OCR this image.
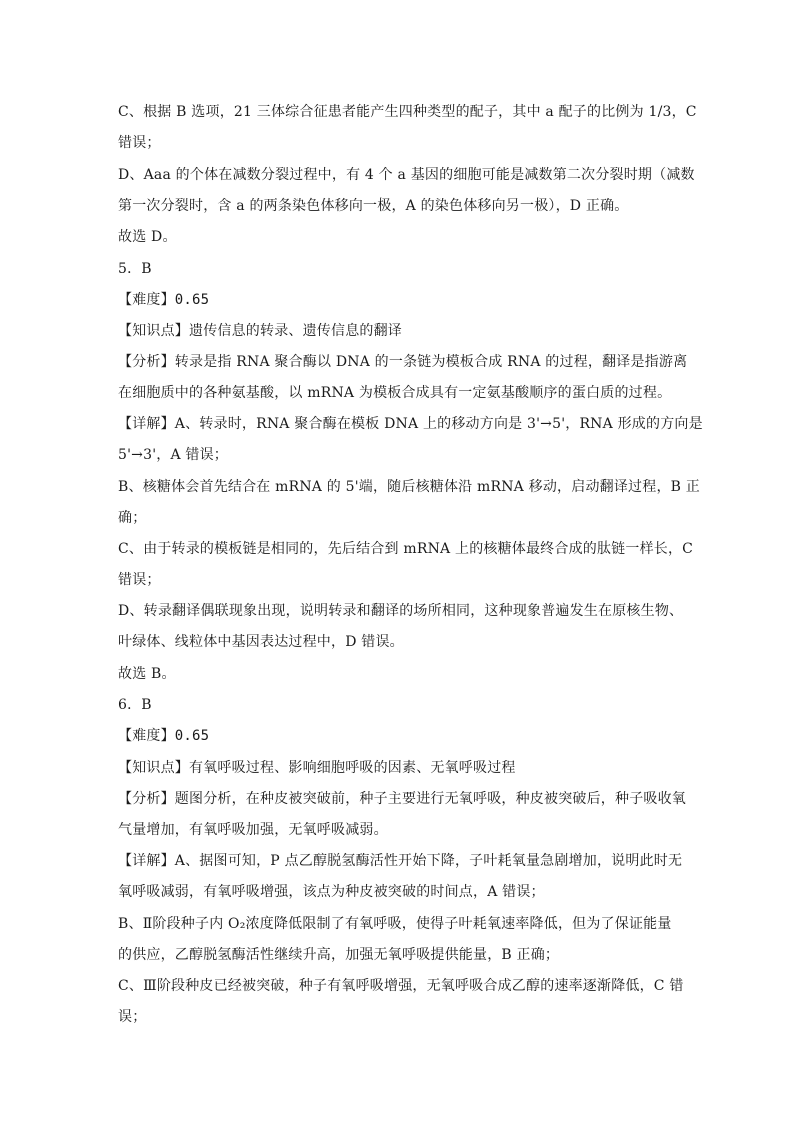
C、根据 B 选项，21 三体综合征患者能产生四种类型的配子，其中 a 配子的比例为 1/3，C
错误；
D、Aaa 的个体在减数分裂过程中，有 4 个 a 基因的细胞可能是减数第二次分裂时期（减数
第一次分裂时，含 a 的两条染色体移向一极，A 的染色体移向另一极），D 正确。
故选 D。
5．B
【难度】0.65
【知识点】遗传信息的转录、遗传信息的翻译
【分析】转录是指 RNA 聚合酶以 DNA 的一条链为模板合成 RNA 的过程，翻译是指游离
在细胞质中的各种氨基酸，以 mRNA 为模板合成具有一定氨基酸顺序的蛋白质的过程。
【详解】A、转录时，RNA 聚合酶在模板 DNA 上的移动方向是 3'→5'，RNA 形成的方向是
5'→3'，A 错误；
B、核糖体会首先结合在 mRNA 的 5'端，随后核糖体沿 mRNA 移动，启动翻译过程，B 正
确；
C、由于转录的模板链是相同的，先后结合到 mRNA 上的核糖体最终合成的肽链一样长，C
错误；
D、转录翻译偶联现象出现，说明转录和翻译的场所相同，这种现象普遍发生在原核生物、
叶绿体、线粒体中基因表达过程中，D 错误。
故选 B。
6．B
【难度】0.65
【知识点】有氧呼吸过程、影响细胞呼吸的因素、无氧呼吸过程
【分析】题图分析，在种皮被突破前，种子主要进行无氧呼吸，种皮被突破后，种子吸收氧
气量增加，有氧呼吸加强，无氧呼吸减弱。
【详解】A、据图可知，P 点乙醇脱氢酶活性开始下降，子叶耗氧量急剧增加，说明此时无
氧呼吸减弱，有氧呼吸增强，该点为种皮被突破的时间点，A 错误；
B、Ⅱ阶段种子内 O₂浓度降低限制了有氧呼吸，使得子叶耗氧速率降低，但为了保证能量
的供应，乙醇脱氢酶活性继续升高，加强无氧呼吸提供能量，B 正确；
C、Ⅲ阶段种皮已经被突破，种子有氧呼吸增强，无氧呼吸合成乙醇的速率逐渐降低，C 错
误；
